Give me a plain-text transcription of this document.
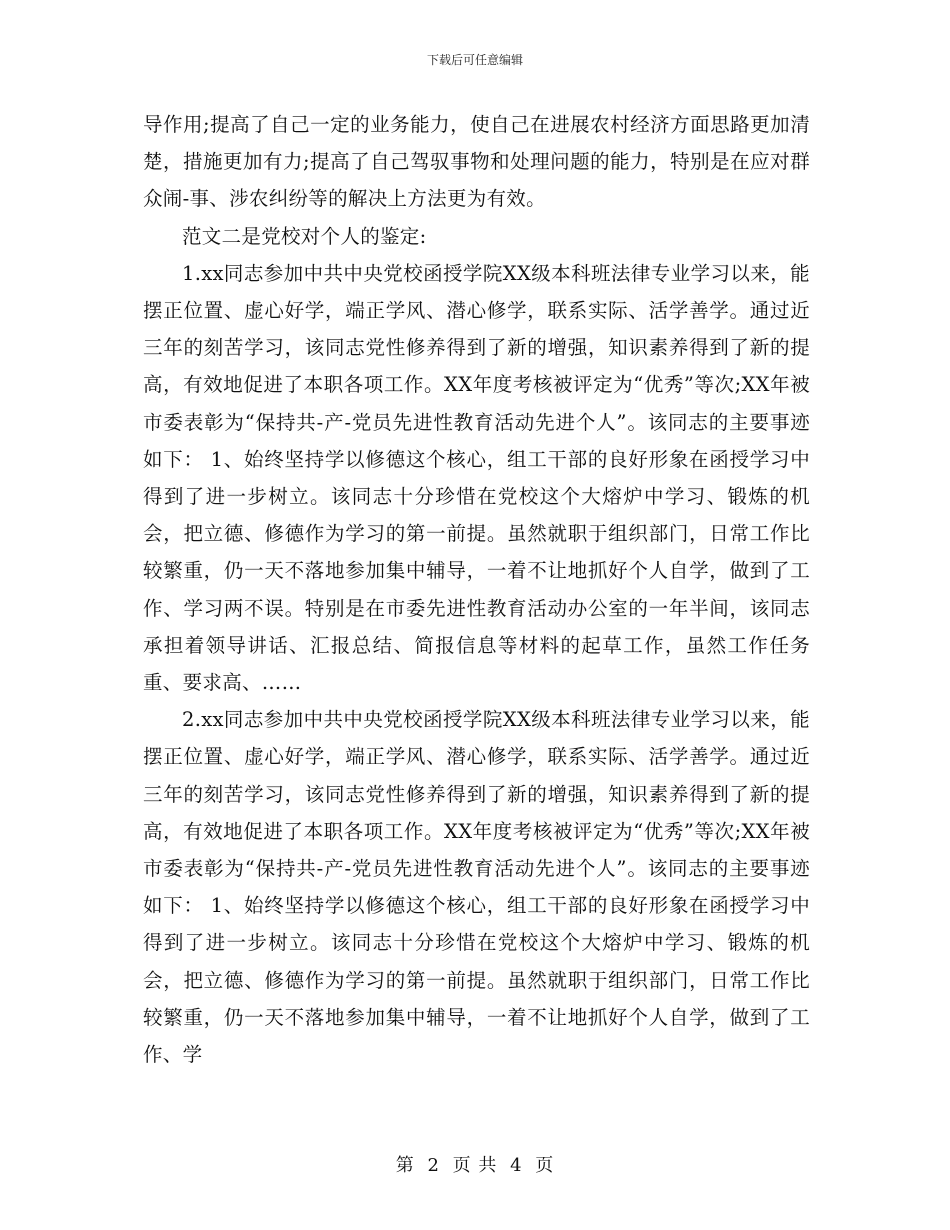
下载后可任意编辑

导作用;提高了自己一定的业务能力，使自己在进展农村经济方面思路更加清楚，措施更加有力;提高了自己驾驭事物和处理问题的能力，特别是在应对群众闹-事、涉农纠纷等的解决上方法更为有效。

范文二是党校对个人的鉴定:

1.xx同志参加中共中央党校函授学院XX级本科班法律专业学习以来，能摆正位置、虚心好学，端正学风、潜心修学，联系实际、活学善学。通过近三年的刻苦学习，该同志党性修养得到了新的增强，知识素养得到了新的提高，有效地促进了本职各项工作。XX年度考核被评定为“优秀”等次;XX年被市委表彰为“保持共-产-党员先进性教育活动先进个人”。该同志的主要事迹如下： 1、始终坚持学以修德这个核心，组工干部的良好形象在函授学习中得到了进一步树立。该同志十分珍惜在党校这个大熔炉中学习、锻炼的机会，把立德、修德作为学习的第一前提。虽然就职于组织部门，日常工作比较繁重，仍一天不落地参加集中辅导，一着不让地抓好个人自学，做到了工作、学习两不误。特别是在市委先进性教育活动办公室的一年半间，该同志承担着领导讲话、汇报总结、简报信息等材料的起草工作，虽然工作任务重、要求高、……

2.xx同志参加中共中央党校函授学院XX级本科班法律专业学习以来，能摆正位置、虚心好学，端正学风、潜心修学，联系实际、活学善学。通过近三年的刻苦学习，该同志党性修养得到了新的增强，知识素养得到了新的提高，有效地促进了本职各项工作。XX年度考核被评定为“优秀”等次;XX年被市委表彰为“保持共-产-党员先进性教育活动先进个人”。该同志的主要事迹如下： 1、始终坚持学以修德这个核心，组工干部的良好形象在函授学习中得到了进一步树立。该同志十分珍惜在党校这个大熔炉中学习、锻炼的机会，把立德、修德作为学习的第一前提。虽然就职于组织部门，日常工作比较繁重，仍一天不落地参加集中辅导，一着不让地抓好个人自学，做到了工作、学

第 2 页 共 4 页
